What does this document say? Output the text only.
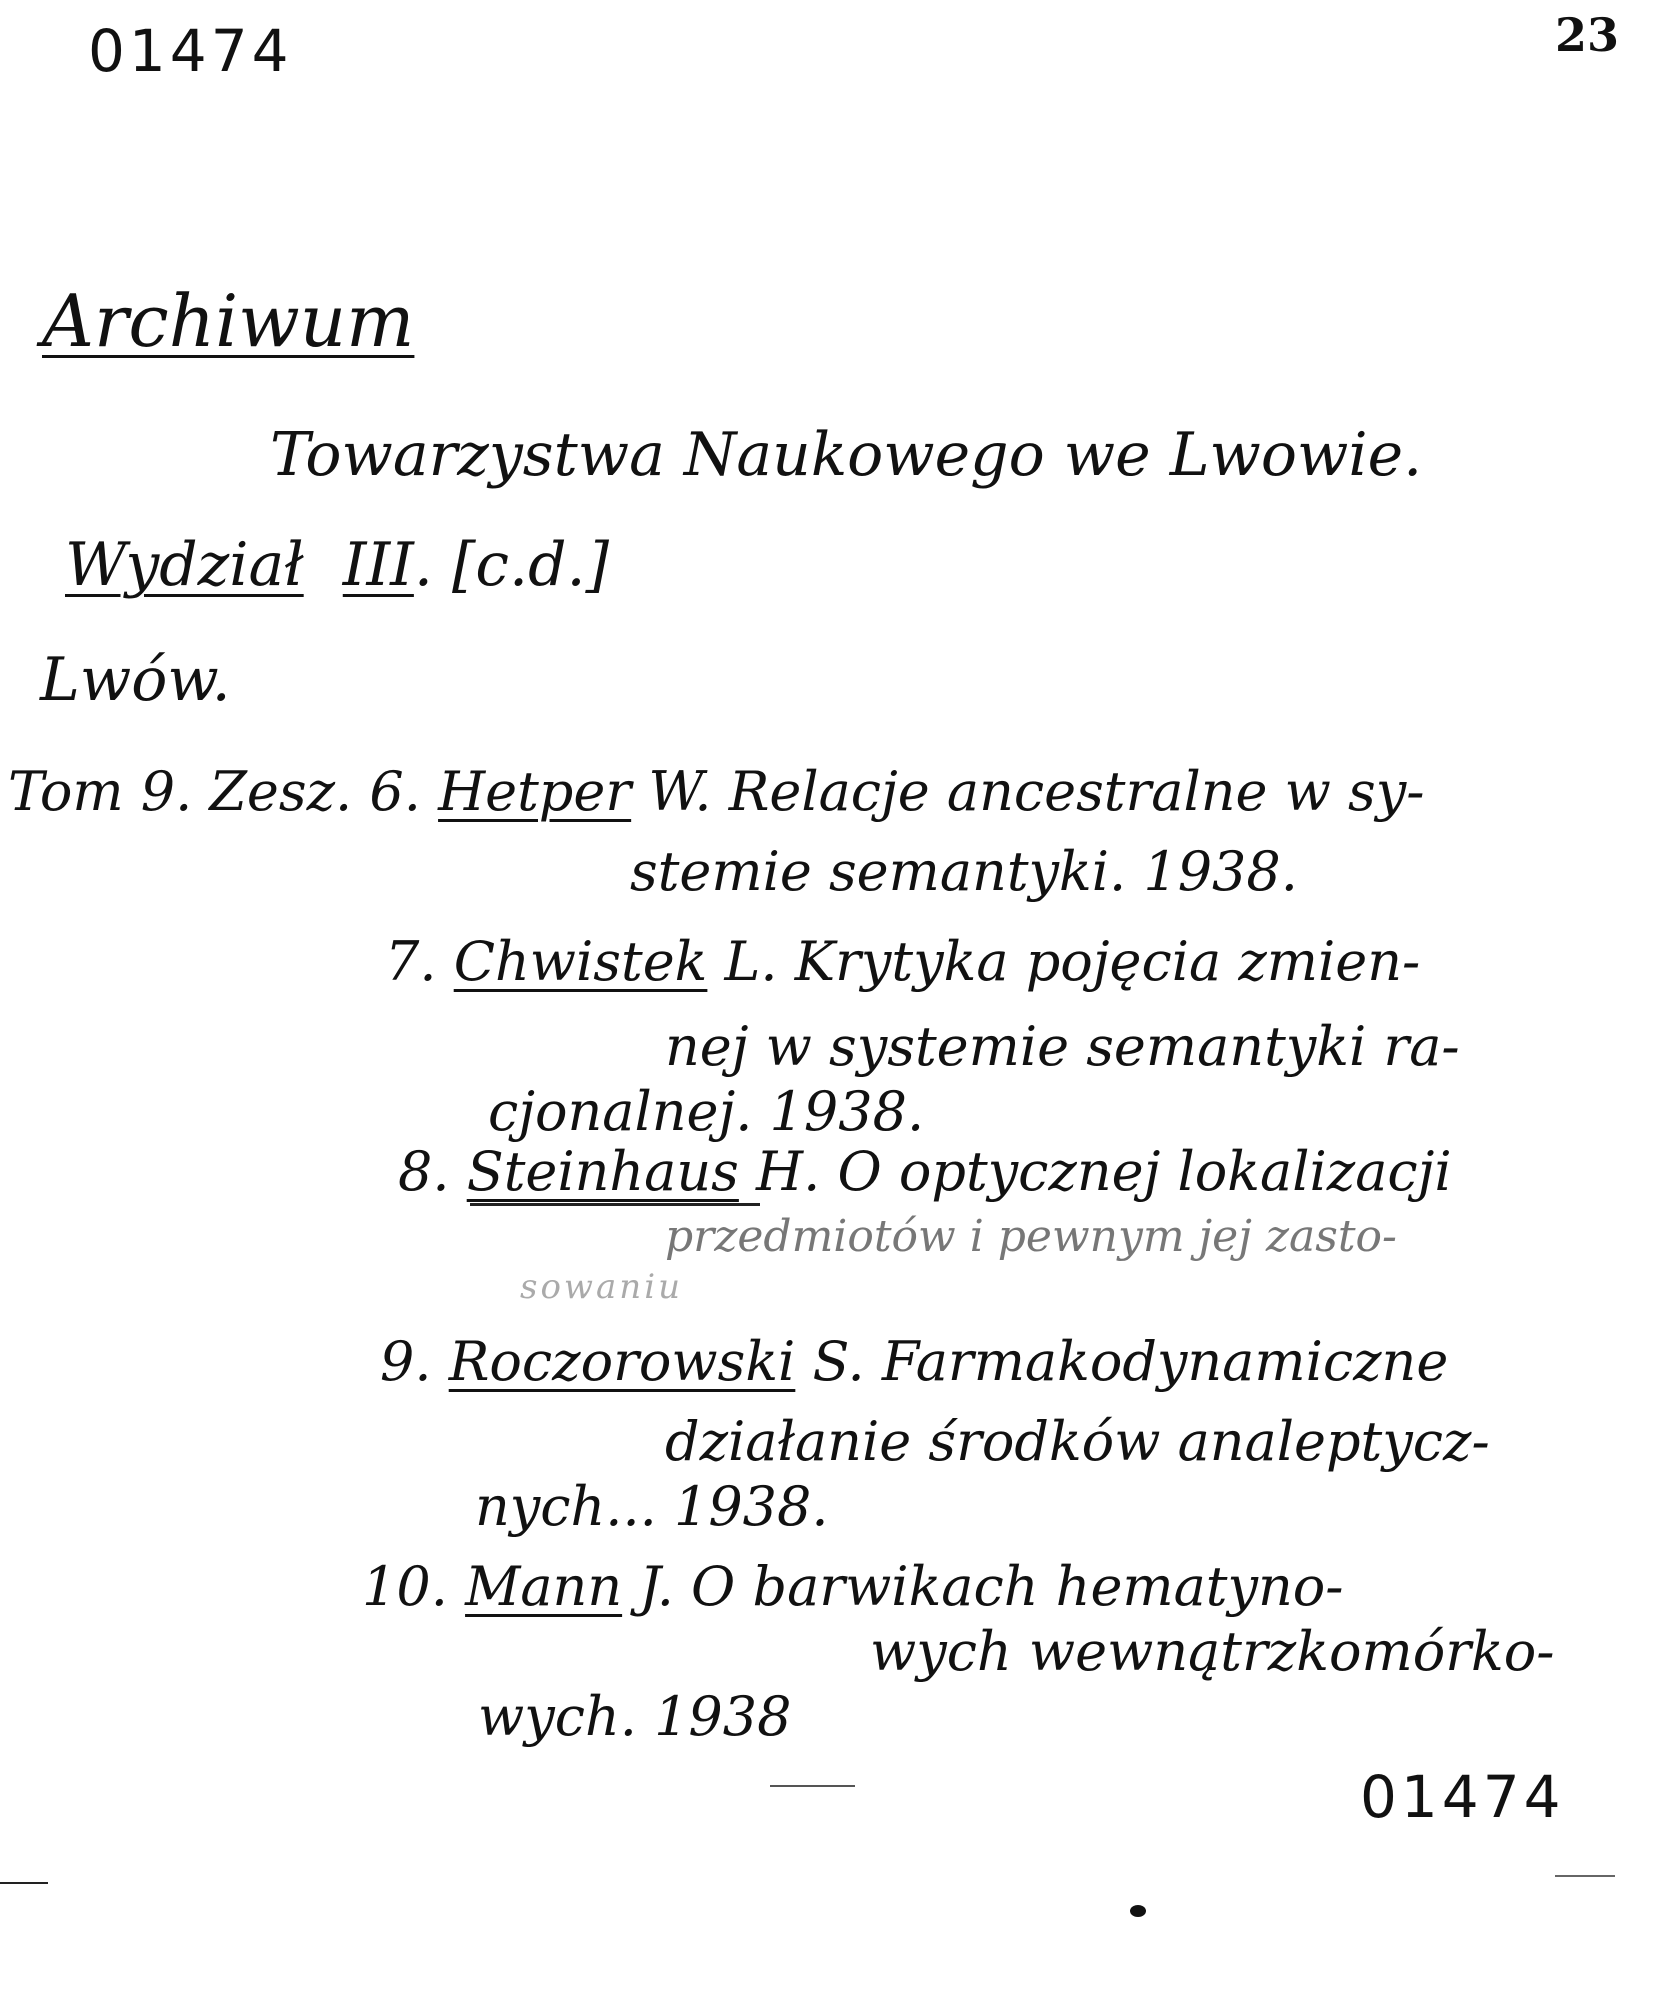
01474	23
Archiwum
Towarzystwa Naukowego we Lwowie.
Wydział III. [c.d.]
Lwów.
Tom 9. Zesz. 6. Hetper W. Relacje ancestralne w sy-
stemie semantyki. 1938.
7. Chwistek L. Krytyka pojęcia zmien-
nej w systemie semantyki ra-
cjonalnej. 1938.
8. Steinhaus H. O optycznej lokalizacji
przedmiotów i pewnym jej zasto-
sowaniu
9. Roczorowski S. Farmakodynamiczne
działanie środków analeptycz-
nych... 1938.
10. Mann J. O barwikach hematyno-
wych wewnątrzkomórko-
wych. 1938
01474
